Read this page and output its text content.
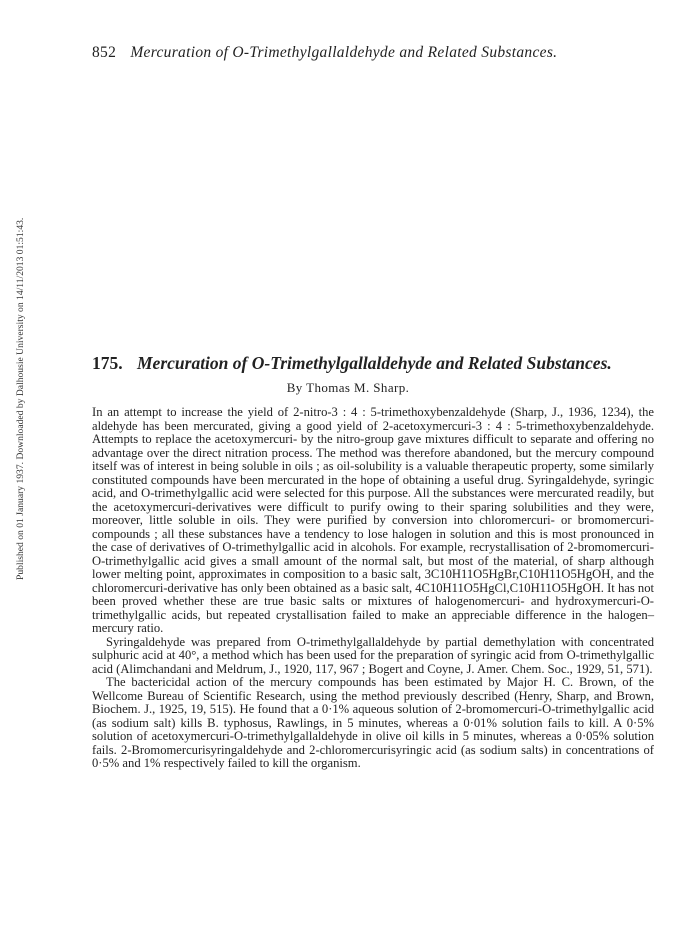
852 Mercuration of O-Trimethylgallaldehyde and Related Substances.
Published on 01 January 1937. Downloaded by Dalhousie University on 14/11/2013 01:51:43.	175. Mercuration of O-Trimethylgallaldehyde and Related Substances.
By Thomas M. Sharp.

In an attempt to increase the yield of 2-nitro-3 : 4 : 5-trimethoxybenzaldehyde (Sharp, J., 1936, 1234), the aldehyde has been mercurated, giving a good yield of 2-acetoxymercuri-3 : 4 : 5-trimethoxybenzaldehyde. Attempts to replace the acetoxymercuri- by the nitro-group gave mixtures difficult to separate and offering no advantage over the direct nitration process. The method was therefore abandoned, but the mercury compound itself was of interest in being soluble in oils ; as oil-solubility is a valuable therapeutic property, some similarly constituted compounds have been mercurated in the hope of obtaining a useful drug. Syringaldehyde, syringic acid, and O-trimethylgallic acid were selected for this purpose. All the substances were mercurated readily, but the acetoxymercuri-derivatives were difficult to purify owing to their sparing solubilities and they were, moreover, little soluble in oils. They were purified by conversion into chloromercuri- or bromomercuri-compounds ; all these substances have a tendency to lose halogen in solution and this is most pronounced in the case of derivatives of O-trimethylgallic acid in alcohols. For example, recrystallisation of 2-bromomercuri-O-trimethylgallic acid gives a small amount of the normal salt, but most of the material, of sharp although lower melting point, approximates in composition to a basic salt, 3C10H11O5HgBr,C10H11O5HgOH, and the chloromercuri-derivative has only been obtained as a basic salt, 4C10H11O5HgCl,C10H11O5HgOH. It has not been proved whether these are true basic salts or mixtures of halogenomercuri- and hydroxymercuri-O-trimethylgallic acids, but repeated crystallisation failed to make an appreciable difference in the halogen–mercury ratio.

Syringaldehyde was prepared from O-trimethylgallaldehyde by partial demethylation with concentrated sulphuric acid at 40°, a method which has been used for the preparation of syringic acid from O-trimethylgallic acid (Alimchandani and Meldrum, J., 1920, 117, 967 ; Bogert and Coyne, J. Amer. Chem. Soc., 1929, 51, 571).

The bactericidal action of the mercury compounds has been estimated by Major H. C. Brown, of the Wellcome Bureau of Scientific Research, using the method previously described (Henry, Sharp, and Brown, Biochem. J., 1925, 19, 515). He found that a 0·1% aqueous solution of 2-bromomercuri-O-trimethylgallic acid (as sodium salt) kills B. typhosus, Rawlings, in 5 minutes, whereas a 0·01% solution fails to kill. A 0·5% solution of acetoxymercuri-O-trimethylgallaldehyde in olive oil kills in 5 minutes, whereas a 0·05% solution fails. 2-Bromomercurisyringaldehyde and 2-chloromercurisyringic acid (as sodium salts) in concentrations of 0·5% and 1% respectively failed to kill the organism.
